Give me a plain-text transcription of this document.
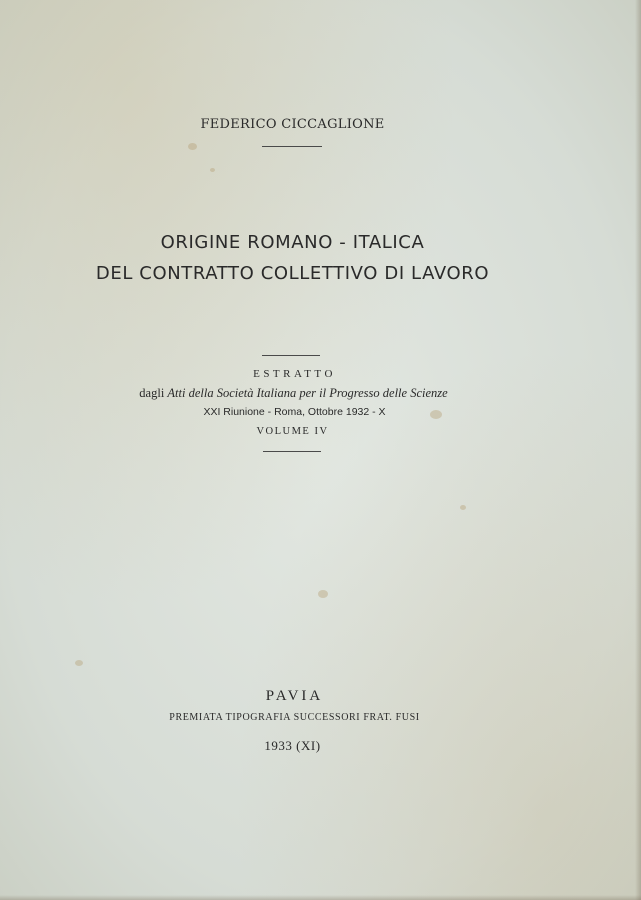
FEDERICO CICCAGLIONE
ORIGINE ROMANO - ITALICA
DEL CONTRATTO COLLETTIVO DI LAVORO
ESTRATTO
dagli Atti della Società Italiana per il Progresso delle Scienze
XXI Riunione - Roma, Ottobre 1932 - X
VOLUME IV
PAVIA
PREMIATA TIPOGRAFIA SUCCESSORI FRAT. FUSI
1933 (XI)
